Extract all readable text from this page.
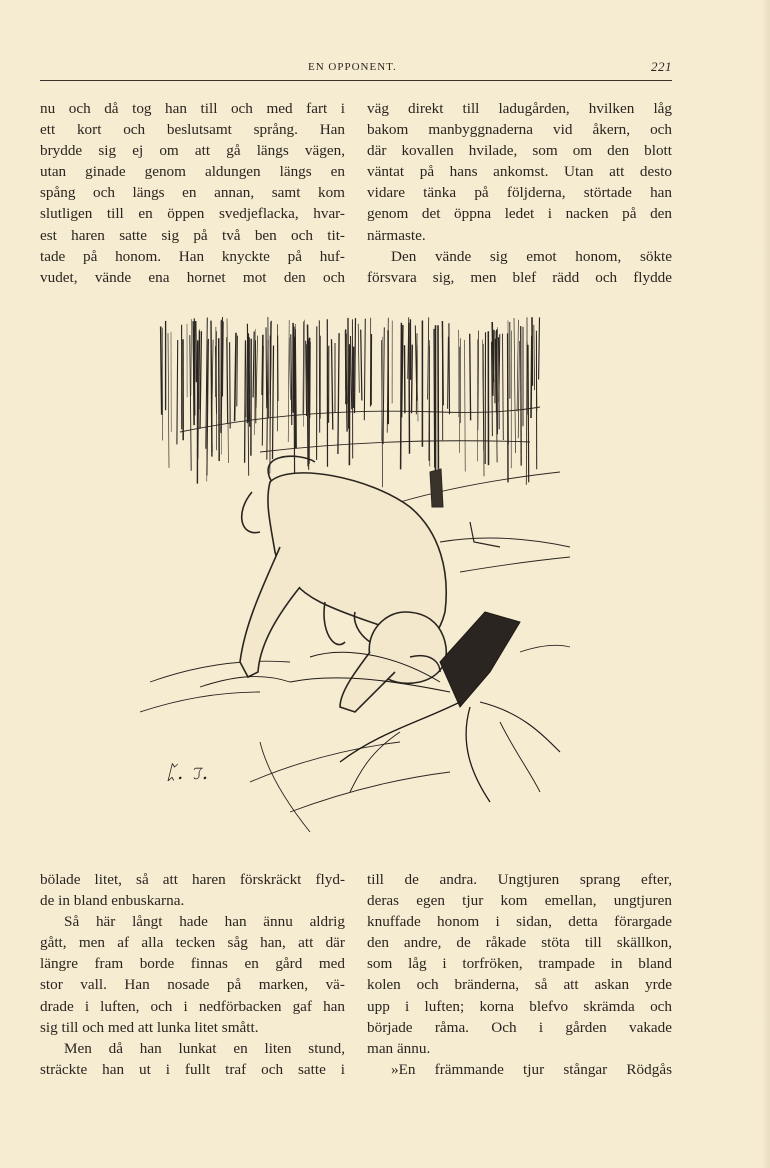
EN OPPONENT.	221
nu och då tog han till och med fart i
ett kort och beslutsamt språng. Han
brydde sig ej om att gå längs vägen,
utan ginade genom aldungen längs en
spång och längs en annan, samt kom
slutligen till en öppen svedjeflacka, hvar-
est haren satte sig på två ben och tit-
tade på honom. Han knyckte på huf-
vudet, vände ena hornet mot den och
väg direkt till ladugården, hvilken låg
bakom manbyggnaderna vid åkern, och
där kovallen hvilade, som om den blott
väntat på hans ankomst. Utan att desto
vidare tänka på följderna, störtade han
genom det öppna ledet i nacken på den
närmaste.
Den vände sig emot honom, sökte
försvara sig, men blef rädd och flydde
ᛈ. ℑ.
bölade litet, så att haren förskräckt flyd-
de in bland enbuskarna.
Så här långt hade han ännu aldrig
gått, men af alla tecken såg han, att där
längre fram borde finnas en gård med
stor vall. Han nosade på marken, vä-
drade i luften, och i nedförbacken gaf han
sig till och med att lunka litet smått.
Men då han lunkat en liten stund,
sträckte han ut i fullt traf och satte i
till de andra. Ungtjuren sprang efter,
deras egen tjur kom emellan, ungtjuren
knuffade honom i sidan, detta förargade
den andre, de råkade stöta till skällkon,
som låg i torfröken, trampade in bland
kolen och bränderna, så att askan yrde
upp i luften; korna blefvo skrämda och
började råma. Och i gården vakade
man ännu.
»En främmande tjur stångar Rödgås
